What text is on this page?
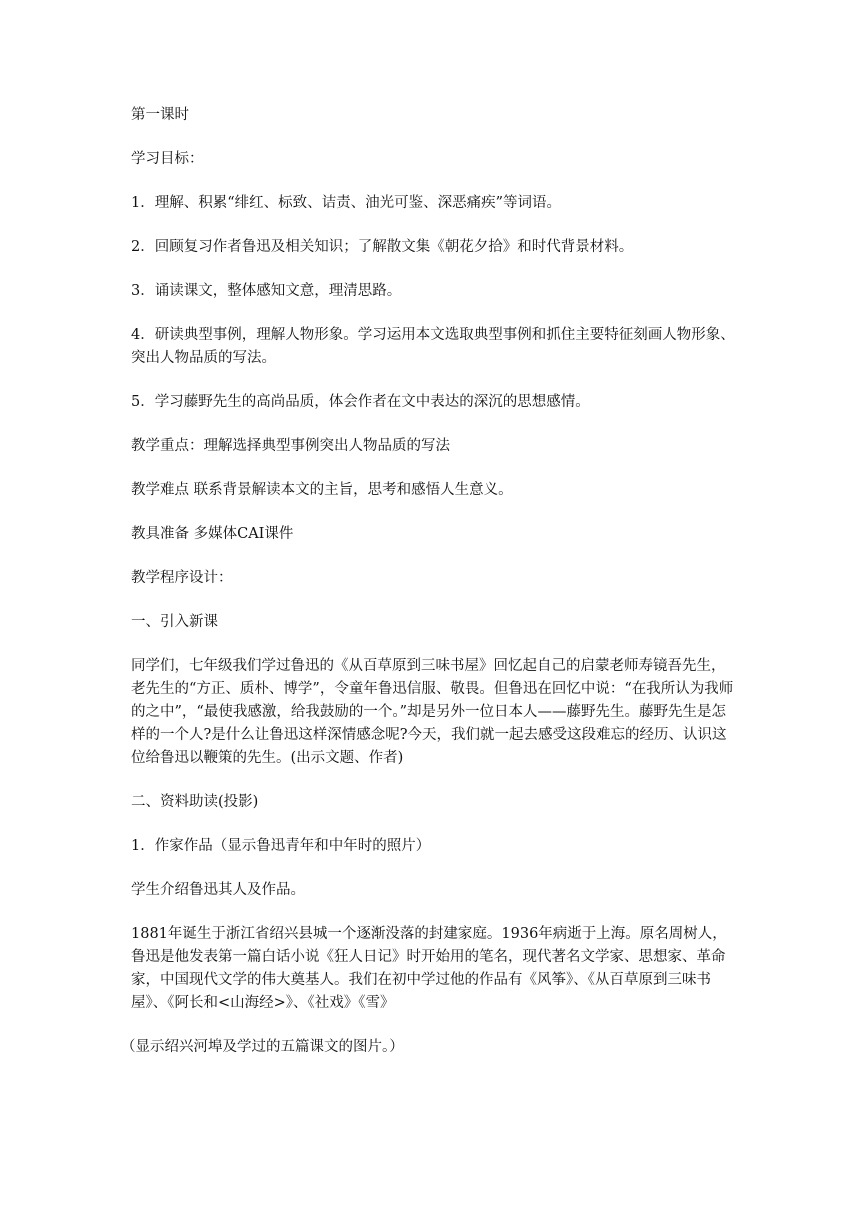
第一课时

学习目标：

1．理解、积累“绯红、标致、诘责、油光可鉴、深恶痛疾”等词语。

2．回顾复习作者鲁迅及相关知识；了解散文集《朝花夕拾》和时代背景材料。

3．诵读课文，整体感知文意，理清思路。

4．研读典型事例，理解人物形象。学习运用本文选取典型事例和抓住主要特征刻画人物形象、突出人物品质的写法。

5．学习藤野先生的高尚品质，体会作者在文中表达的深沉的思想感情。

教学重点：理解选择典型事例突出人物品质的写法

教学难点 联系背景解读本文的主旨，思考和感悟人生意义。

教具准备 多媒体CAI课件

教学程序设计：

一、引入新课

同学们，七年级我们学过鲁迅的《从百草原到三味书屋》回忆起自己的启蒙老师寿镜吾先生，老先生的“方正、质朴、博学”，令童年鲁迅信服、敬畏。但鲁迅在回忆中说：“在我所认为我师的之中”，“最使我感激，给我鼓励的一个。”却是另外一位日本人——藤野先生。藤野先生是怎样的一个人?是什么让鲁迅这样深情感念呢?今天，我们就一起去感受这段难忘的经历、认识这位给鲁迅以鞭策的先生。(出示文题、作者)

二、资料助读(投影)

1．作家作品（显示鲁迅青年和中年时的照片）

学生介绍鲁迅其人及作品。

1881年诞生于浙江省绍兴县城一个逐渐没落的封建家庭。1936年病逝于上海。原名周树人，鲁迅是他发表第一篇白话小说《狂人日记》时开始用的笔名，现代著名文学家、思想家、革命家，中国现代文学的伟大奠基人。我们在初中学过他的作品有《风筝》、《从百草原到三味书屋》、《阿长和<山海经>》、《社戏》《雪》

（显示绍兴河埠及学过的五篇课文的图片。）
